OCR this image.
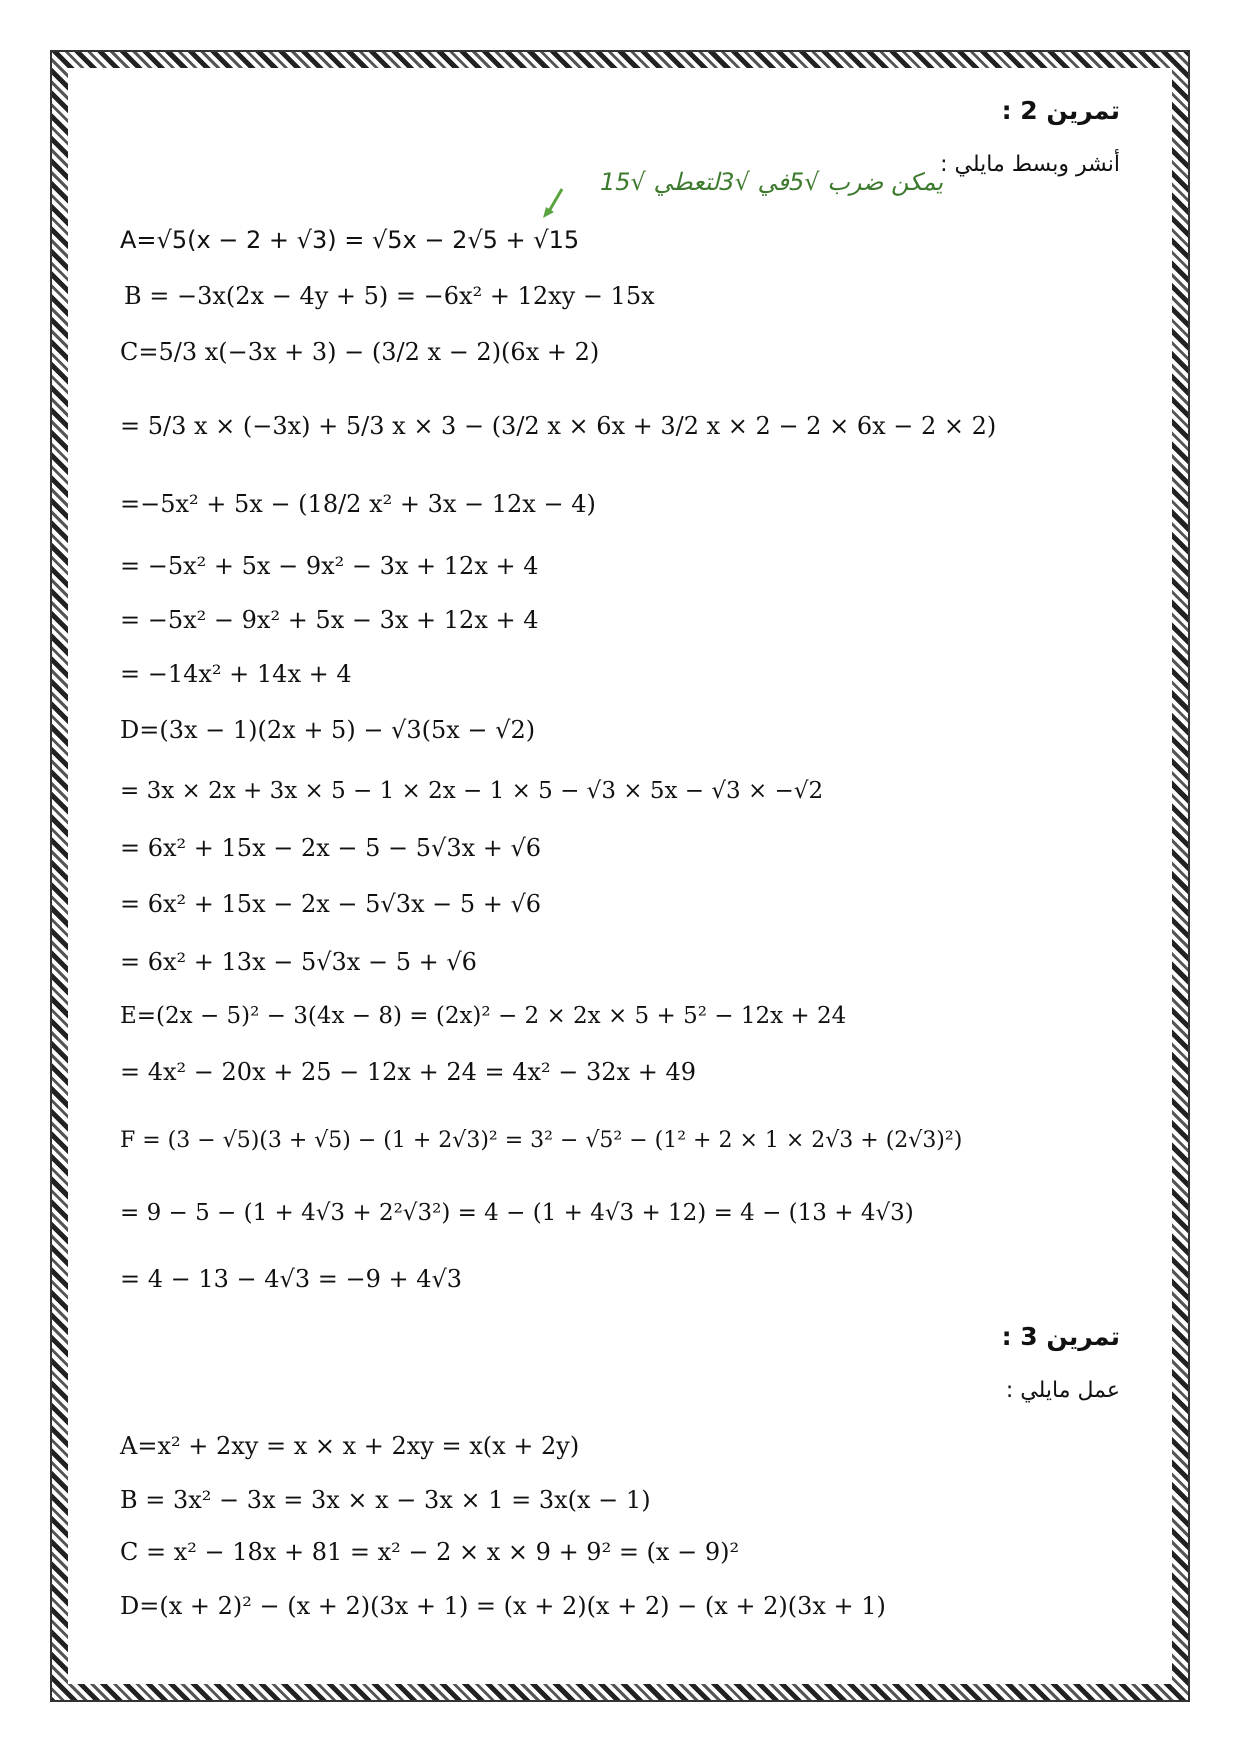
تمرين 2 :
أنشر وبسط مايلي :
يمكن ضرب √5في √3لتعطي √15
A=√5(x − 2 + √3) = √5x − 2√5 + √15
B = −3x(2x − 4y + 5) = −6x² + 12xy − 15x
C=5/3 x(−3x + 3) − (3/2 x − 2)(6x + 2)
= 5/3 x × (−3x) + 5/3 x × 3 − (3/2 x × 6x + 3/2 x × 2 − 2 × 6x − 2 × 2)
=−5x² + 5x − (18/2 x² + 3x − 12x − 4)
= −5x² + 5x − 9x² − 3x + 12x + 4
= −5x² − 9x² + 5x − 3x + 12x + 4
= −14x² + 14x + 4
D=(3x − 1)(2x + 5) − √3(5x − √2)
= 3x × 2x + 3x × 5 − 1 × 2x − 1 × 5 − √3 × 5x − √3 × −√2
= 6x² + 15x − 2x − 5 − 5√3x + √6
= 6x² + 15x − 2x − 5√3x − 5 + √6
= 6x² + 13x − 5√3x − 5 + √6
E=(2x − 5)² − 3(4x − 8) = (2x)² − 2 × 2x × 5 + 5² − 12x + 24
= 4x² − 20x + 25 − 12x + 24 = 4x² − 32x + 49
F = (3 − √5)(3 + √5) − (1 + 2√3)² = 3² − √5² − (1² + 2 × 1 × 2√3 + (2√3)²)
= 9 − 5 − (1 + 4√3 + 2²√3²) = 4 − (1 + 4√3 + 12) = 4 − (13 + 4√3)
= 4 − 13 − 4√3 = −9 + 4√3
تمرين 3 :
عمل مايلي :
A=x² + 2xy = x × x + 2xy = x(x + 2y)
B = 3x² − 3x = 3x × x − 3x × 1 = 3x(x − 1)
C = x² − 18x + 81 = x² − 2 × x × 9 + 9² = (x − 9)²
D=(x + 2)² − (x + 2)(3x + 1) = (x + 2)(x + 2) − (x + 2)(3x + 1)
